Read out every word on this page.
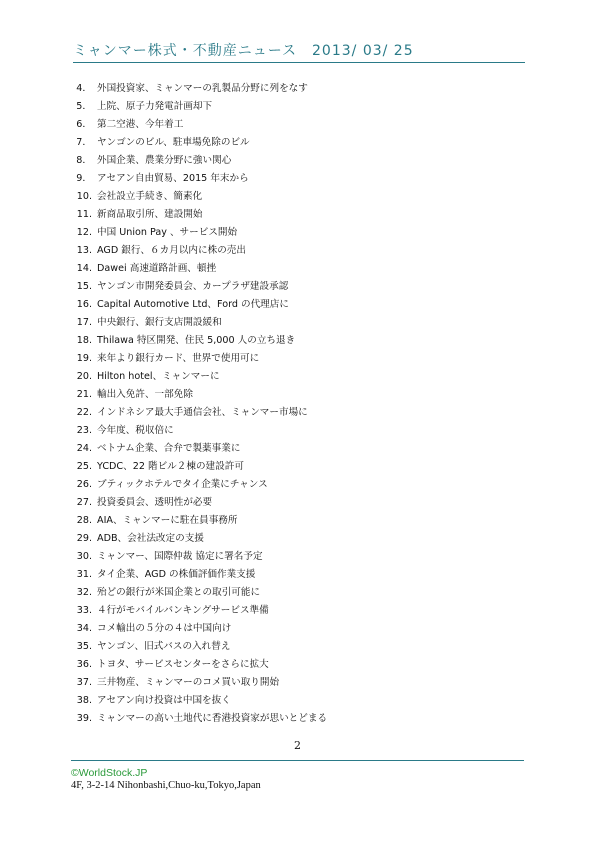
ミャンマー株式・不動産ニュース　2013/ 03/ 25
4． 外国投資家、ミャンマーの乳製品分野に列をなす
5． 上院、原子力発電計画却下
6． 第二空港、今年着工
7． ヤンゴンのビル、駐車場免除のビル
8． 外国企業、農業分野に強い関心
9． アセアン自由貿易、2015 年末から
10. 会社設立手続き、簡素化
11. 新商品取引所、建設開始
12. 中国 Union Pay 、サービス開始
13. AGD 銀行、６カ月以内に株の売出
14. Dawei 高速道路計画、頓挫
15. ヤンゴン市開発委員会、カープラザ建設承認
16. Capital Automotive Ltd、Ford の代理店に
17. 中央銀行、銀行支店開設緩和
18. Thilawa 特区開発、住民 5,000 人の立ち退き
19. 来年より銀行カード、世界で使用可に
20. Hilton hotel、ミャンマーに
21. 輸出入免許、一部免除
22. インドネシア最大手通信会社、ミャンマー市場に
23. 今年度、税収倍に
24. ベトナム企業、合弁で製薬事業に
25. YCDC、22 階ビル２棟の建設許可
26. ブティックホテルでタイ企業にチャンス
27. 投資委員会、透明性が必要
28. AIA、ミャンマーに駐在員事務所
29. ADB、会社法改定の支援
30. ミャンマー、国際仲裁 協定に署名予定
31. タイ企業、AGD の株価評価作業支援
32. 殆どの銀行が米国企業との取引可能に
33. ４行がモバイルバンキングサービス準備
34. コメ輸出の５分の４は中国向け
35. ヤンゴン、旧式バスの入れ替え
36. トヨタ、サービスセンターをさらに拡大
37. 三井物産、ミャンマーのコメ買い取り開始
38. アセアン向け投資は中国を抜く
39. ミャンマーの高い土地代に香港投資家が思いとどまる
2
©WorldStock.JP
4F, 3-2-14 Nihonbashi,Chuo-ku,Tokyo,Japan
